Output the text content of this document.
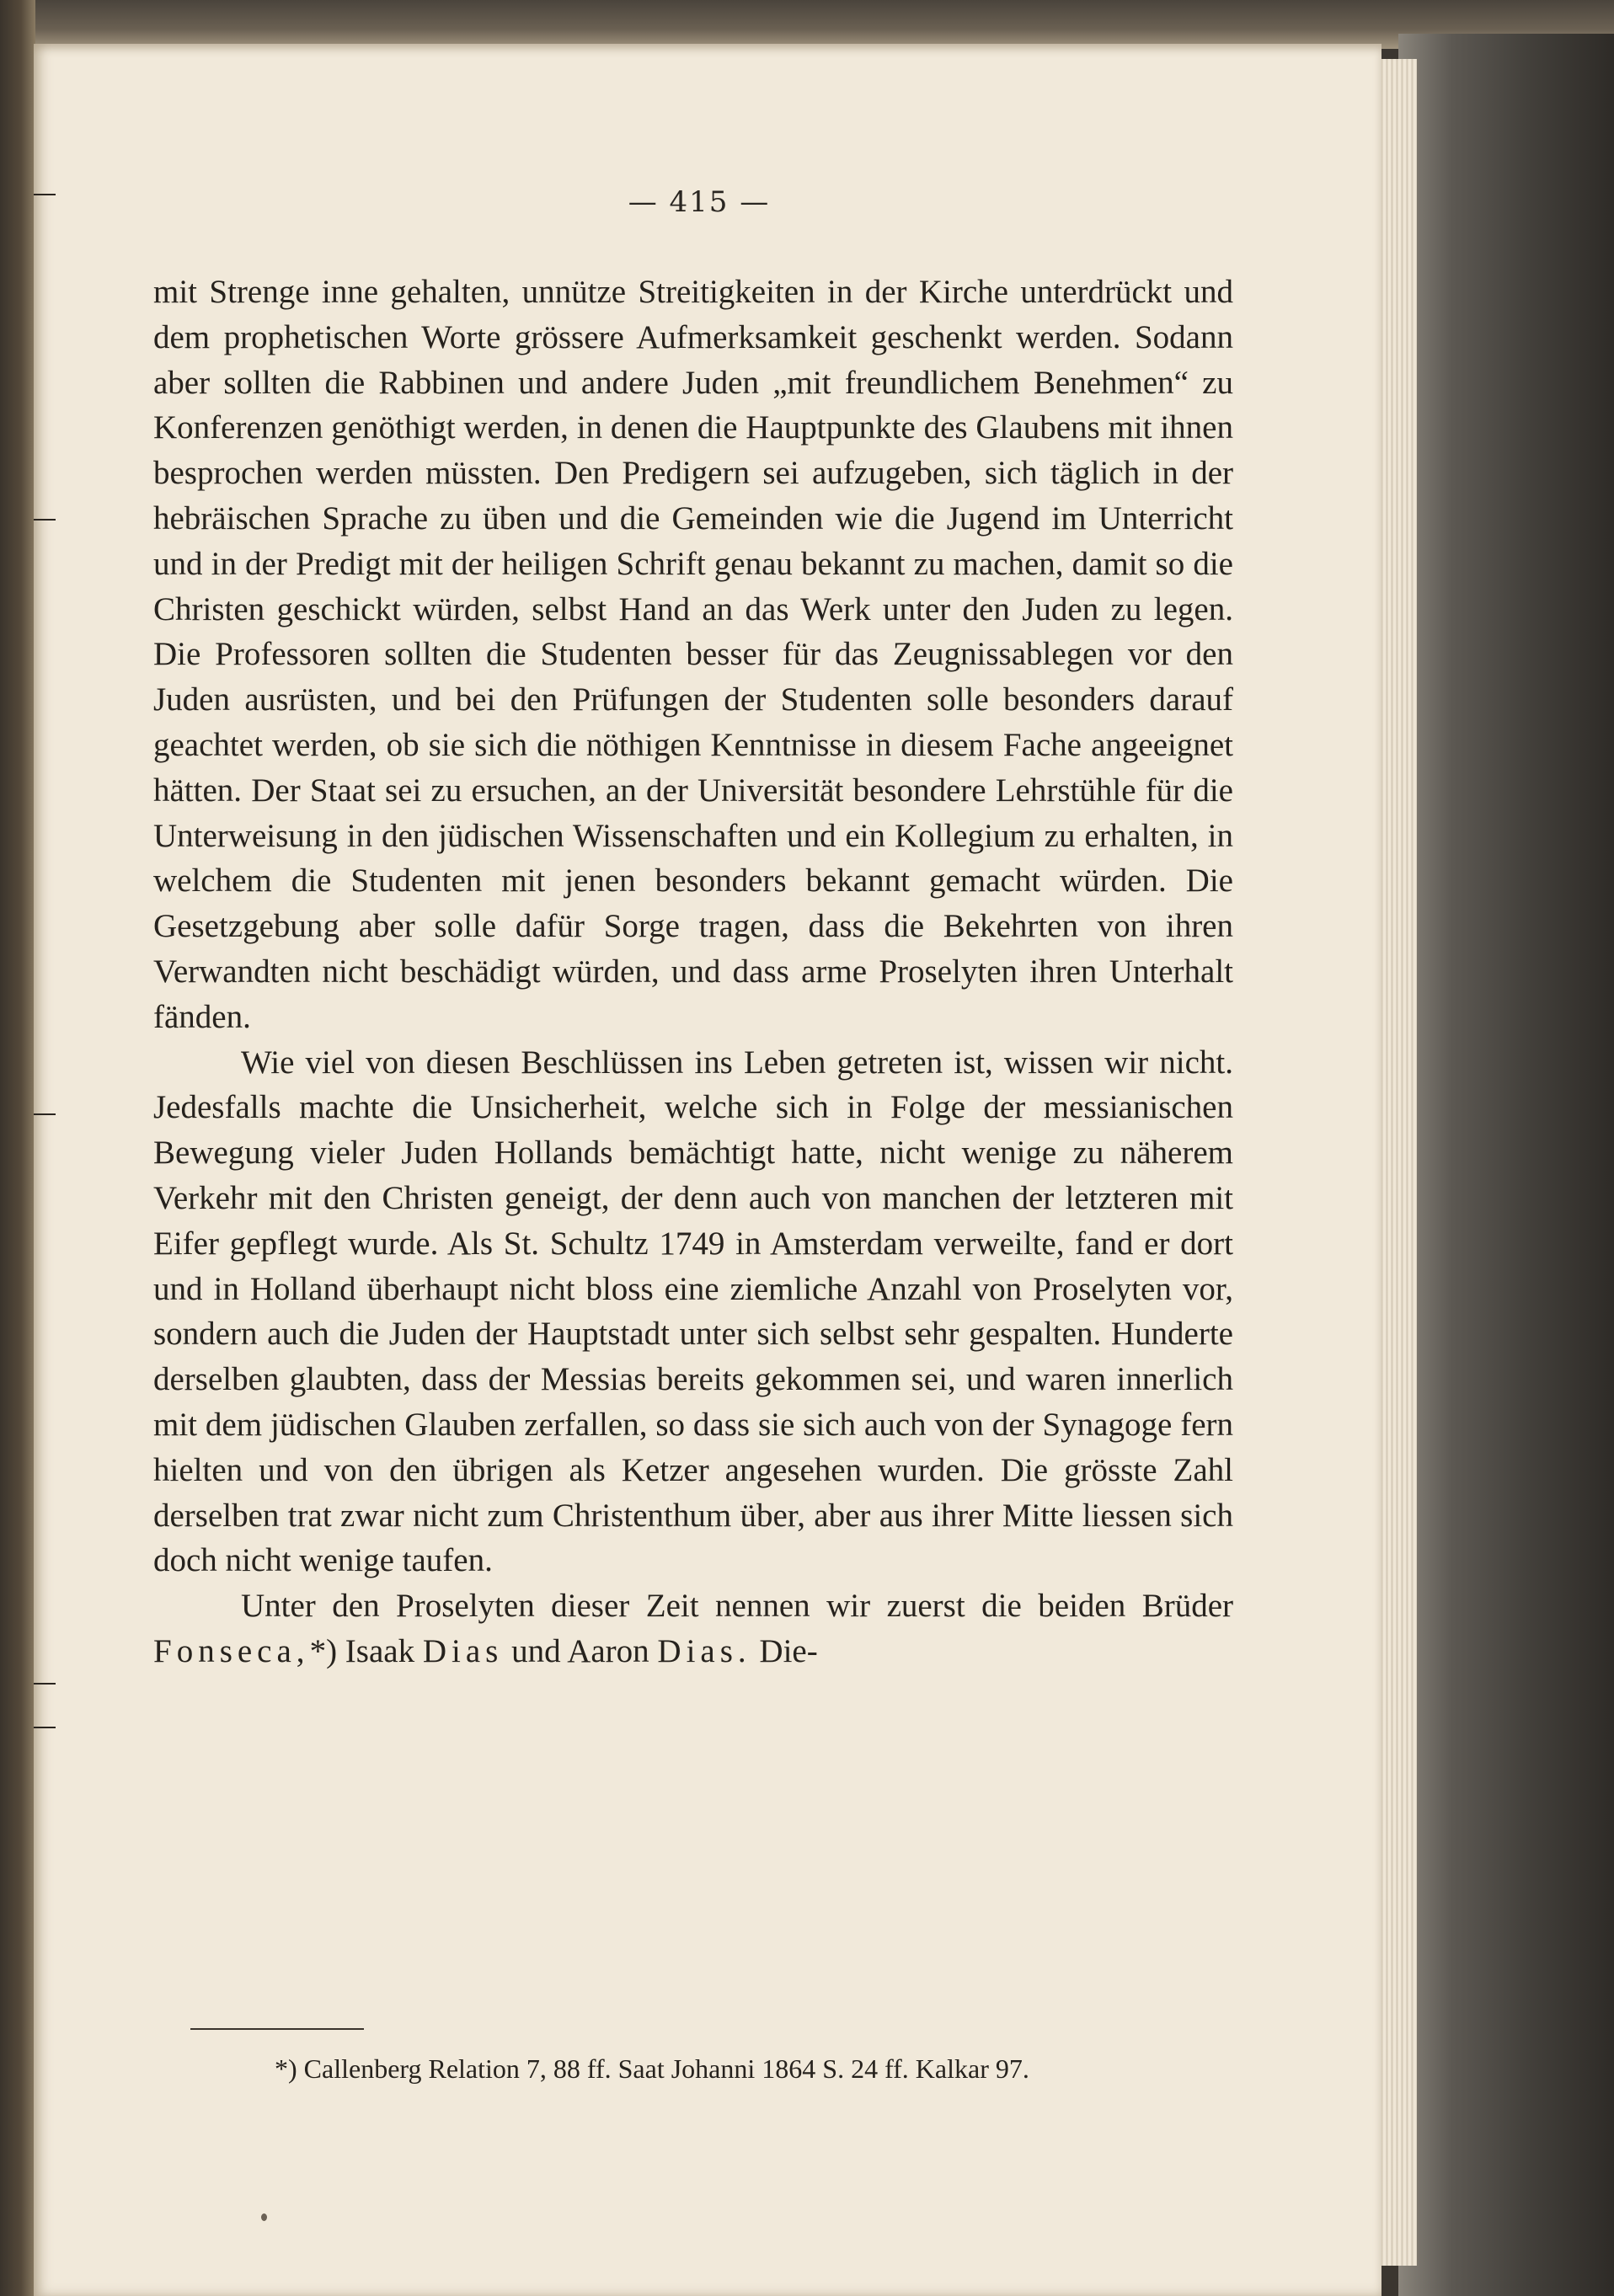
— 415 —

mit Strenge inne gehalten, unnütze Streitigkeiten in der Kirche unterdrückt und dem prophetischen Worte grössere Aufmerksamkeit geschenkt werden. Sodann aber sollten die Rabbinen und andere Juden „mit freundlichem Benehmen“ zu Konferenzen genöthigt werden, in denen die Hauptpunkte des Glaubens mit ihnen besprochen werden müssten. Den Predigern sei aufzugeben, sich täglich in der hebräischen Sprache zu üben und die Gemeinden wie die Jugend im Unterricht und in der Predigt mit der heiligen Schrift genau bekannt zu machen, damit so die Christen geschickt würden, selbst Hand an das Werk unter den Juden zu legen. Die Professoren sollten die Studenten besser für das Zeugnissablegen vor den Juden ausrüsten, und bei den Prüfungen der Studenten solle besonders darauf geachtet werden, ob sie sich die nöthigen Kenntnisse in diesem Fache angeeignet hätten. Der Staat sei zu ersuchen, an der Universität besondere Lehrstühle für die Unterweisung in den jüdischen Wissenschaften und ein Kollegium zu erhalten, in welchem die Studenten mit jenen besonders bekannt gemacht würden. Die Gesetzgebung aber solle dafür Sorge tragen, dass die Bekehrten von ihren Verwandten nicht beschädigt würden, und dass arme Proselyten ihren Unterhalt fänden.

Wie viel von diesen Beschlüssen ins Leben getreten ist, wissen wir nicht. Jedesfalls machte die Unsicherheit, welche sich in Folge der messianischen Bewegung vieler Juden Hollands bemächtigt hatte, nicht wenige zu näherem Verkehr mit den Christen geneigt, der denn auch von manchen der letzteren mit Eifer gepflegt wurde. Als St. Schultz 1749 in Amsterdam verweilte, fand er dort und in Holland überhaupt nicht bloss eine ziemliche Anzahl von Proselyten vor, sondern auch die Juden der Hauptstadt unter sich selbst sehr gespalten. Hunderte derselben glaubten, dass der Messias bereits gekommen sei, und waren innerlich mit dem jüdischen Glauben zerfallen, so dass sie sich auch von der Synagoge fern hielten und von den übrigen als Ketzer angesehen wurden. Die grösste Zahl derselben trat zwar nicht zum Christenthum über, aber aus ihrer Mitte liessen sich doch nicht wenige taufen.

Unter den Proselyten dieser Zeit nennen wir zuerst die beiden Brüder Fonseca,*) Isaak Dias und Aaron Dias. Die-

*) Callenberg Relation 7, 88 ff. Saat Johanni 1864 S. 24 ff. Kalkar 97.
